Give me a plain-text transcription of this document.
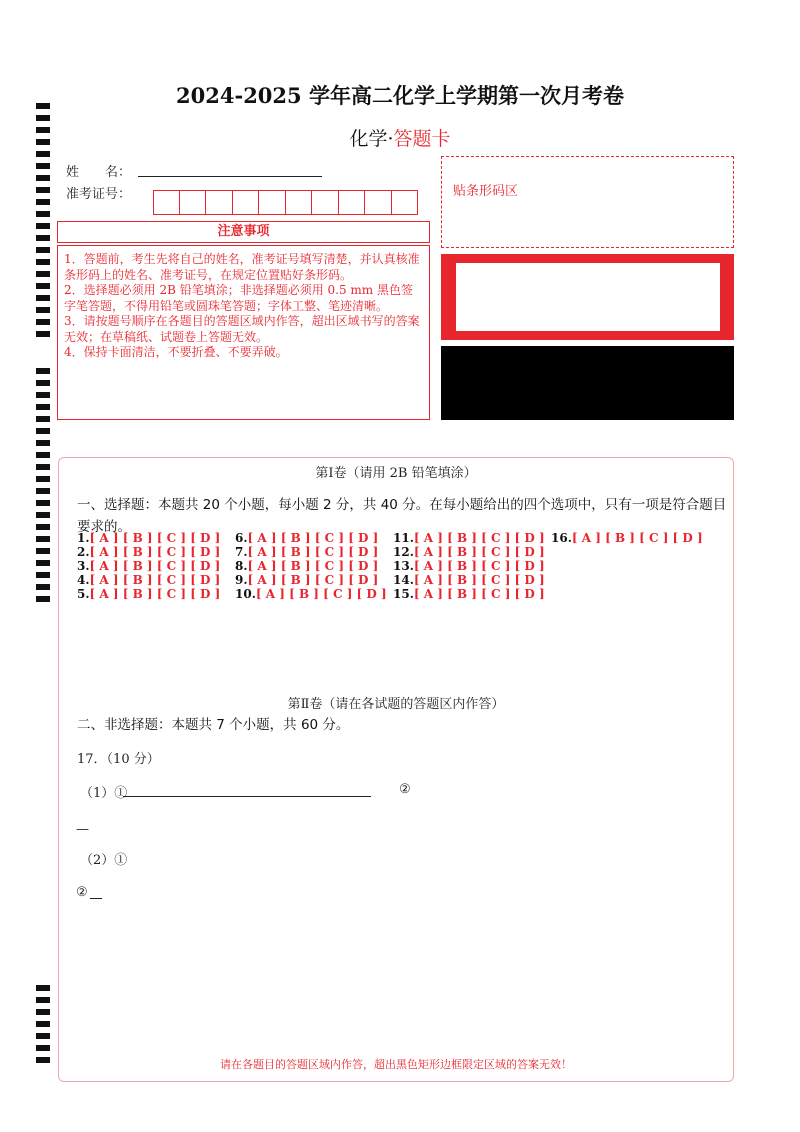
2024-2025 学年高二化学上学期第一次月考卷
化学·答题卡
姓　　名：
准考证号：	贴条形码区
注意事项
1．答题前，考生先将自己的姓名，准考证号填写清楚，并认真核准条形码上的姓名、准考证号，在规定位置贴好条形码。
2．选择题必须用 2B 铅笔填涂；非选择题必须用 0.5 mm 黑色签字笔答题，不得用铅笔或圆珠笔答题；字体工整、笔迹清晰。
3．请按题号顺序在各题目的答题区域内作答，超出区域书写的答案无效；在草稿纸、试题卷上答题无效。
4．保持卡面清洁，不要折叠、不要弄破。
第Ⅰ卷（请用 2B 铅笔填涂）
一、选择题：本题共 20 个小题，每小题 2 分，共 40 分。在每小题给出的四个选项中，只有一项是符合题目要求的。
1.[ A ] [ B ] [ C ] [ D ]
2.[ A ] [ B ] [ C ] [ D ]
3.[ A ] [ B ] [ C ] [ D ]
4.[ A ] [ B ] [ C ] [ D ]
5.[ A ] [ B ] [ C ] [ D ]
6.[ A ] [ B ] [ C ] [ D ]
7.[ A ] [ B ] [ C ] [ D ]
8.[ A ] [ B ] [ C ] [ D ]
9.[ A ] [ B ] [ C ] [ D ]
10.[ A ] [ B ] [ C ] [ D ]
11.[ A ] [ B ] [ C ] [ D ]
12.[ A ] [ B ] [ C ] [ D ]
13.[ A ] [ B ] [ C ] [ D ]
14.[ A ] [ B ] [ C ] [ D ]
15.[ A ] [ B ] [ C ] [ D ]
16.[ A ] [ B ] [ C ] [ D ]
第Ⅱ卷（请在各试题的答题区内作答）
二、非选择题：本题共 7 个小题，共 60 分。
17．（10 分）
（1）①	②
—
（2）①
②
请在各题目的答题区域内作答，超出黑色矩形边框限定区域的答案无效！
